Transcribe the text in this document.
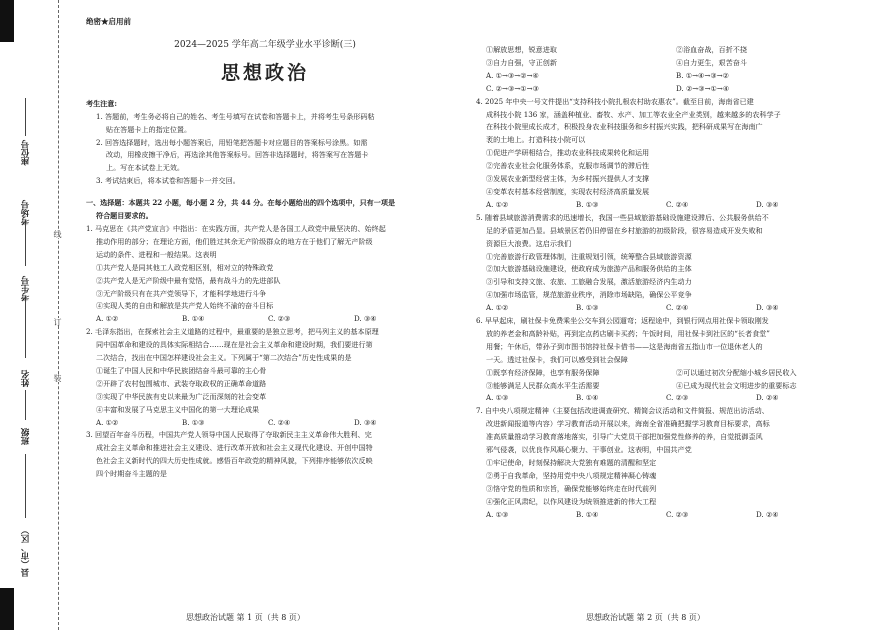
座位号
考场号
考生号
姓名
班级
县（市、区）
线
订
装

绝密★启用前

2024—2025 学年高二年级学业水平诊断(三)

思想政治

考生注意:

1. 答题前，考生务必将自己的姓名、考生号填写在试卷和答题卡上，并将考生号条形码粘

贴在答题卡上的指定位置。

2. 回答选择题时，选出每小题答案后，用铅笔把答题卡对应题目的答案标号涂黑。如需

改动，用橡皮擦干净后，再选涂其他答案标号。回答非选择题时，将答案写在答题卡

上。写在本试卷上无效。

3. 考试结束后，将本试卷和答题卡一并交回。

一、选择题：本题共 22 小题，每小题 2 分，共 44 分。在每小题给出的四个选项中，只有一项是

符合题目要求的。

1. 马克思在《共产党宣言》中指出：在实践方面，共产党人是各国工人政党中最坚决的、始终起

推动作用的部分；在理论方面，他们胜过其余无产阶级群众的地方在于他们了解无产阶级

运动的条件、进程和一般结果。这表明

①共产党人是同其他工人政党相区别，相对立的特殊政党

②共产党人是无产阶级中最有觉悟，最有战斗力的先进部队

③无产阶级只有在共产党领导下，才能科学地进行斗争

④实现人类的自由和解放是共产党人始终不渝的奋斗目标

A. ①②	B. ①④	C. ②③	D. ③④

2. 毛泽东指出，在探索社会主义道路的过程中，最重要的是独立思考，把马列主义的基本原理

同中国革命和建设的具体实际相结合……现在是社会主义革命和建设时期，我们要进行第

二次结合，找出在中国怎样建设社会主义。下列属于“第二次结合”历史性成果的是

①诞生了中国人民和中华民族团结奋斗最可靠的主心骨

②开辟了农村包围城市、武装夺取政权的正确革命道路

③实现了中华民族有史以来最为广泛而深刻的社会变革

④丰富和发展了马克思主义中国化的第一大理论成果

A. ①②	B. ①③	C. ②④	D. ③④

3. 回望百年奋斗历程，中国共产党人领导中国人民取得了夺取新民主主义革命伟大胜利、完

成社会主义革命和推进社会主义建设、进行改革开放和社会主义现代化建设、开创中国特

色社会主义新时代的四大历史性成就。感悟百年政党的精神风貌，下列排序能够依次反映

四个时期奋斗主题的是

①解放思想，锐意进取	②浴血奋战，百折不挠
③自力自强，守正创新	④自力更生，艰苦奋斗
A. ①→③→②→④	B. ①→④→③→②
C. ②→③→①→③	D. ②→③→①→④

4. 2025 年中央一号文件提出“支持科技小院扎根农村助农惠农”。截至目前，海南省已建

成科技小院 136 家，涵盖种植业、畜牧、水产、加工等农业全产业类别，越来越多的农科学子

在科技小院里成长成才，积极投身农业科技服务和乡村振兴实践，把科研成果写在海南广

袤的土地上。打造科技小院可以

①促进产学研相结合，推动农业科技成果转化和运用

②完善农业社会化服务体系，克服市场调节的滞后性

③发展农业新型经营主体，为乡村振兴提供人才支撑

④变革农村基本经营制度，实现农村经济高质量发展

A. ①②	B. ①③	C. ②④	D. ③④

5. 随着县域旅游消费需求的迅速增长，我国一些县域旅游基础设施建设滞后、公共服务供给不

足的矛盾更加凸显。县域景区若仍旧停留在乡村旅游的初级阶段，很容易造成开发失败和

资源巨大浪费。这启示我们

①完善旅游行政管理体制，注重规划引领，统筹整合县域旅游资源

②加大旅游基础设施建设，使政府成为旅游产品和服务供给的主体

③引导和支持文旅、农旅、工旅融合发展，激活旅游经济内生动力

④加强市场监管，规范旅游业秩序，消除市场缺陷，确保公平竞争

A. ①②	B. ①③	C. ②④	D. ③④

6. 早早起床，刷社保卡免费乘坐公交车到公园遛弯；返程途中，到银行网点用社保卡领取刚发

放的养老金和高龄补贴，再到定点药店刷卡买药；午饭时间，用社保卡到社区的“长者食堂”

用餐；午休后，带孙子到市图书馆持社保卡借书——这是海南省五指山市一位退休老人的

一天。透过社保卡，我们可以感受到社会保障

①既享有经济保障，也享有服务保障	②可以通过初次分配缩小城乡居民收入
③能够满足人民群众高水平生活需要	④已成为现代社会文明进步的重要标志
A. ①③	B. ①④	C. ②③	D. ②④

7. 自中央八项规定精神（主要包括改进调查研究、精简会议活动和文件简报、规范出访活动、

改进新闻报道等内容）学习教育活动开展以来，海南全省准确把握学习教育目标要求，高标

准高质量推动学习教育落地落实，引导广大党员干部把加强党性修养的养，自觉抵御歪风

邪气侵袭，以优良作风凝心聚力、干事创业。这表明，中国共产党

①牢记使命，时刻保持解决大党独有难题的清醒和坚定

②勇于自我革命，坚持用党中央八项规定精神凝心铸魂

③恪守党的性质和宗旨，确保党能够始终走在时代前列

④强化正风肃纪，以作风建设为统领推进新的伟大工程

A. ①③	B. ①④	C. ②③	D. ②④
思想政治试题 第 1 页（共 8 页）	思想政治试题 第 2 页（共 8 页）
